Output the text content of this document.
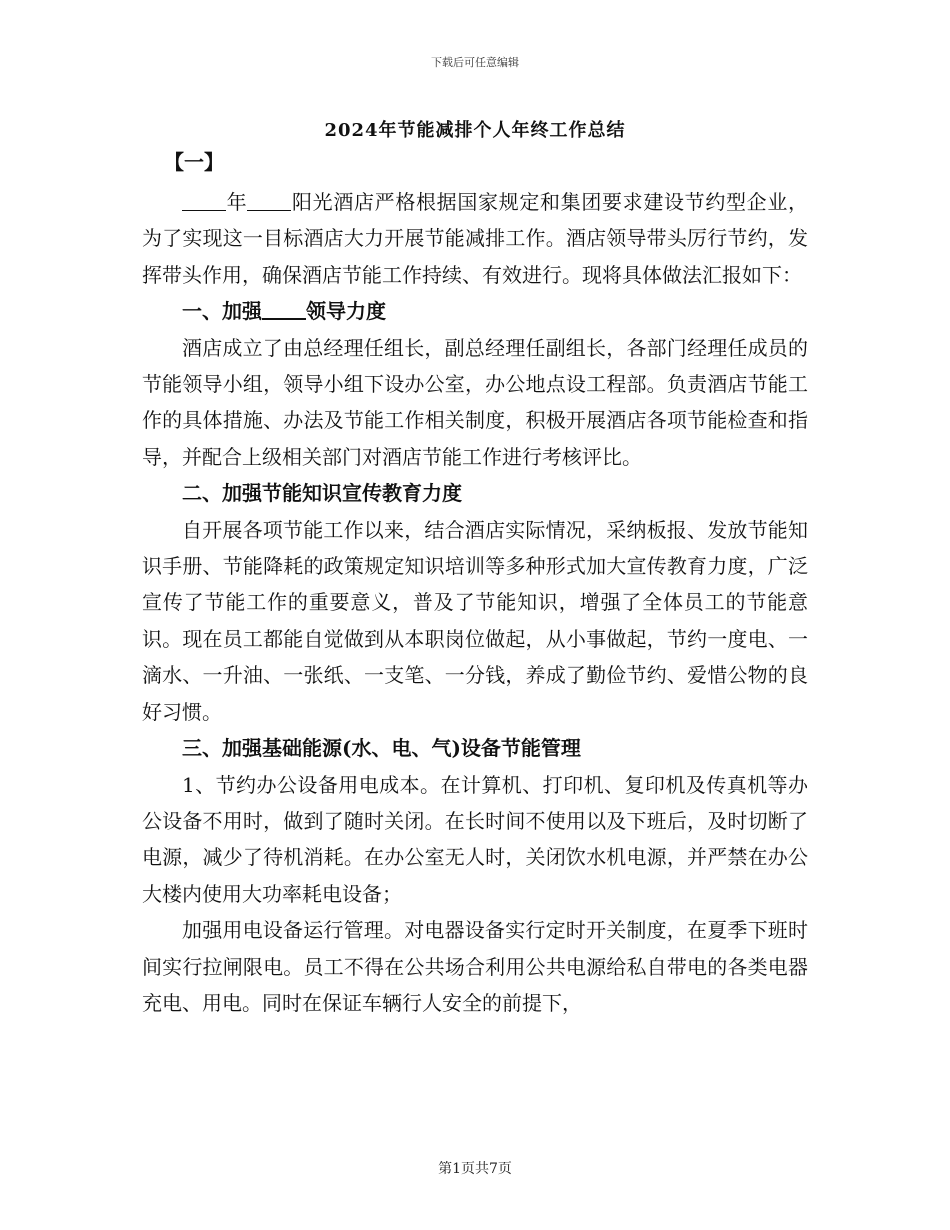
下载后可任意编辑
2024年节能减排个人年终工作总结
【一】

年 阳光酒店严格根据国家规定和集团要求建设节约型企业，为了实现这一目标酒店大力开展节能减排工作。酒店领导带头厉行节约，发挥带头作用，确保酒店节能工作持续、有效进行。现将具体做法汇报如下：

一、加强 领导力度

酒店成立了由总经理任组长，副总经理任副组长，各部门经理任成员的节能领导小组，领导小组下设办公室，办公地点设工程部。负责酒店节能工作的具体措施、办法及节能工作相关制度，积极开展酒店各项节能检查和指导，并配合上级相关部门对酒店节能工作进行考核评比。

二、加强节能知识宣传教育力度

自开展各项节能工作以来，结合酒店实际情况，采纳板报、发放节能知识手册、节能降耗的政策规定知识培训等多种形式加大宣传教育力度，广泛宣传了节能工作的重要意义，普及了节能知识，增强了全体员工的节能意识。现在员工都能自觉做到从本职岗位做起，从小事做起，节约一度电、一滴水、一升油、一张纸、一支笔、一分钱，养成了勤俭节约、爱惜公物的良好习惯。

三、加强基础能源(水、电、气)设备节能管理

1、节约办公设备用电成本。在计算机、打印机、复印机及传真机等办公设备不用时，做到了随时关闭。在长时间不使用以及下班后，及时切断了电源，减少了待机消耗。在办公室无人时，关闭饮水机电源，并严禁在办公大楼内使用大功率耗电设备；

加强用电设备运行管理。对电器设备实行定时开关制度，在夏季下班时间实行拉闸限电。员工不得在公共场合利用公共电源给私自带电的各类电器充电、用电。同时在保证车辆行人安全的前提下，

第1页共7页
